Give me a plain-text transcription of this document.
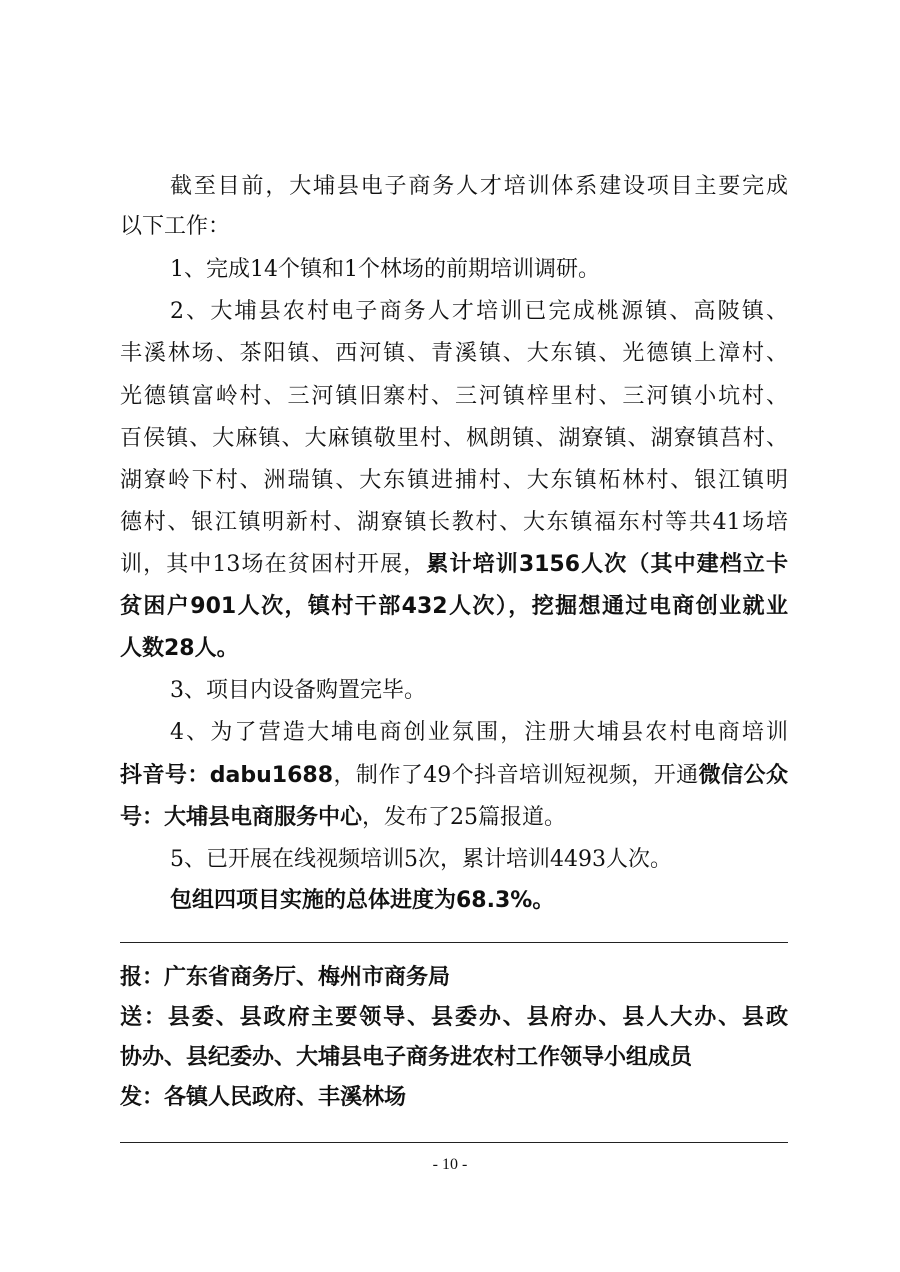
截至目前，大埔县电子商务人才培训体系建设项目主要完成
以下工作：
1、完成14个镇和1个林场的前期培训调研。
2、大埔县农村电子商务人才培训已完成桃源镇、高陂镇、
丰溪林场、茶阳镇、西河镇、青溪镇、大东镇、光德镇上漳村、
光德镇富岭村、三河镇旧寨村、三河镇梓里村、三河镇小坑村、
百侯镇、大麻镇、大麻镇敬里村、枫朗镇、湖寮镇、湖寮镇莒村、
湖寮岭下村、洲瑞镇、大东镇进捕村、大东镇柘林村、银江镇明
德村、银江镇明新村、湖寮镇长教村、大东镇福东村等共41场培
训，其中13场在贫困村开展，累计培训3156人次（其中建档立卡
贫困户901人次，镇村干部432人次），挖掘想通过电商创业就业
人数28人。
3、项目内设备购置完毕。
4、为了营造大埔电商创业氛围，注册大埔县农村电商培训
抖音号：dabu1688，制作了49个抖音培训短视频，开通微信公众
号：大埔县电商服务中心，发布了25篇报道。
5、已开展在线视频培训5次，累计培训4493人次。
包组四项目实施的总体进度为68.3%。
报：广东省商务厅、梅州市商务局
送：县委、县政府主要领导、县委办、县府办、县人大办、县政
协办、县纪委办、大埔县电子商务进农村工作领导小组成员
发：各镇人民政府、丰溪林场
- 10 -
